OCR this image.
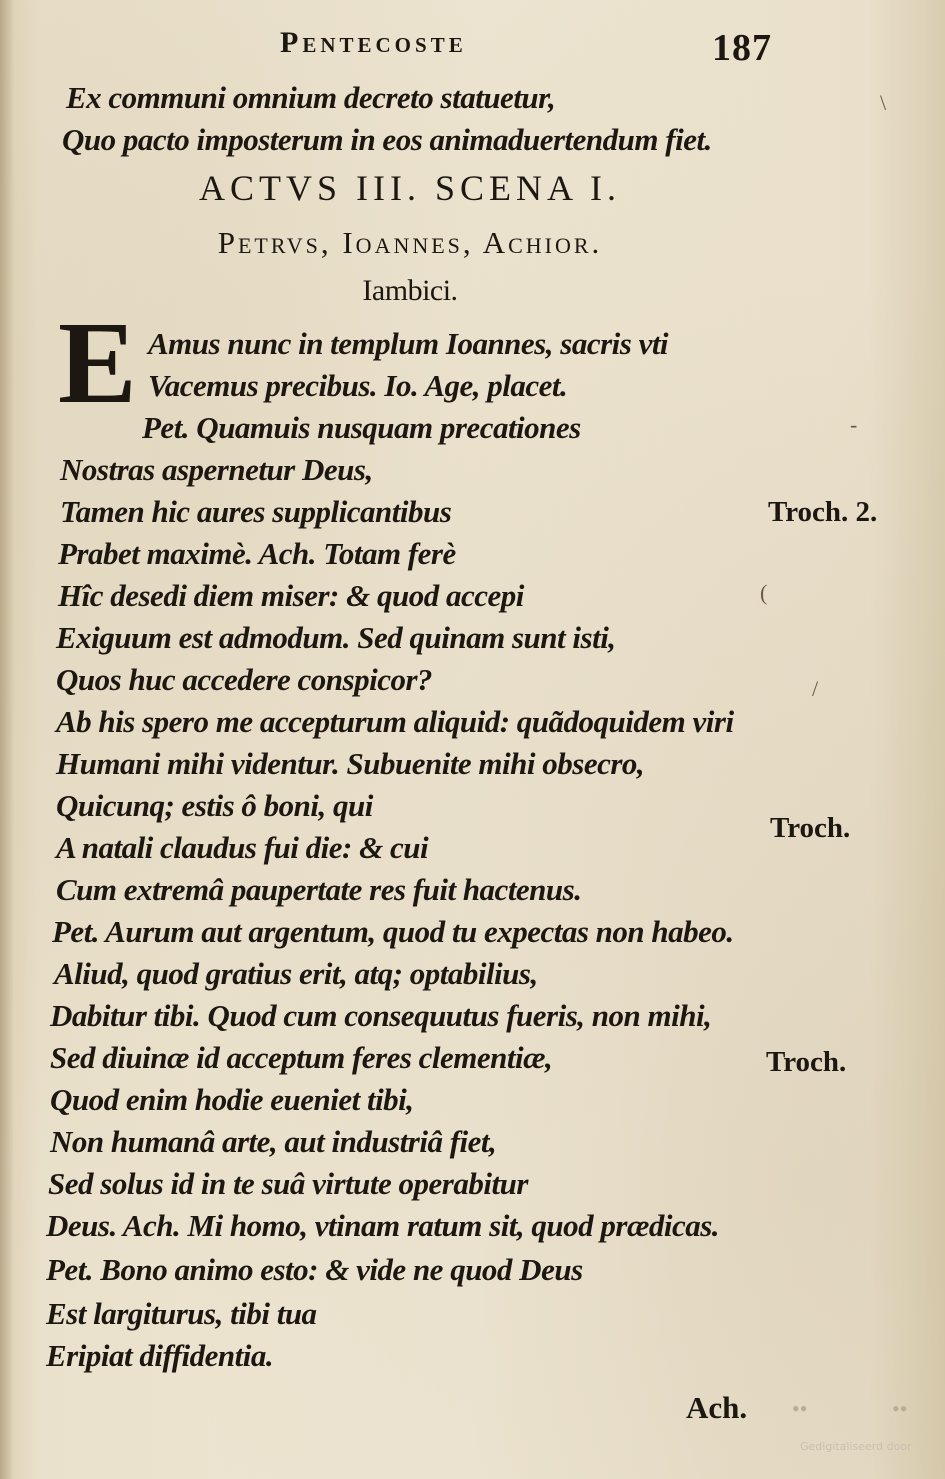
Pentecoste	187
Ex communi omnium decreto statuetur,
Quo pacto imposterum in eos animaduertendum fiet.
ACTVS III. SCENA I.
Petrvs, Ioannes, Achior.
Iambici.
E Amus nunc in templum Ioannes, sacris vti
Vacemus precibus. Io. Age, placet.
Pet. Quamuis nusquam precationes
Nostras aspernetur Deus,
Tamen hic aures supplicantibus
Prabet maximè. Ach. Totam ferè
Hîc desedi diem miser: & quod accepi
Exiguum est admodum. Sed quinam sunt isti,
Quos huc accedere conspicor?
Ab his spero me accepturum aliquid: quãdoquidem viri
Humani mihi videntur. Subuenite mihi obsecro,
Quicunq; estis ô boni, qui
A natali claudus fui die: & cui
Cum extremâ paupertate res fuit hactenus.
Pet. Aurum aut argentum, quod tu expectas non habeo.
Aliud, quod gratius erit, atq; optabilius,
Dabitur tibi. Quod cum consequutus fueris, non mihi,
Sed diuinæ id acceptum feres clementiæ,
Quod enim hodie eueniet tibi,
Non humanâ arte, aut industriâ fiet,
Sed solus id in te suâ virtute operabitur
Deus. Ach. Mi homo, vtinam ratum sit, quod prædicas.
Pet. Bono animo esto: & vide ne quod Deus
Est largiturus, tibi tua
Eripiat diffidentia.
Troch. 2.
Troch.
Troch.
Ach.
\
-
(
/
••	••
Gedigitaliseerd door
